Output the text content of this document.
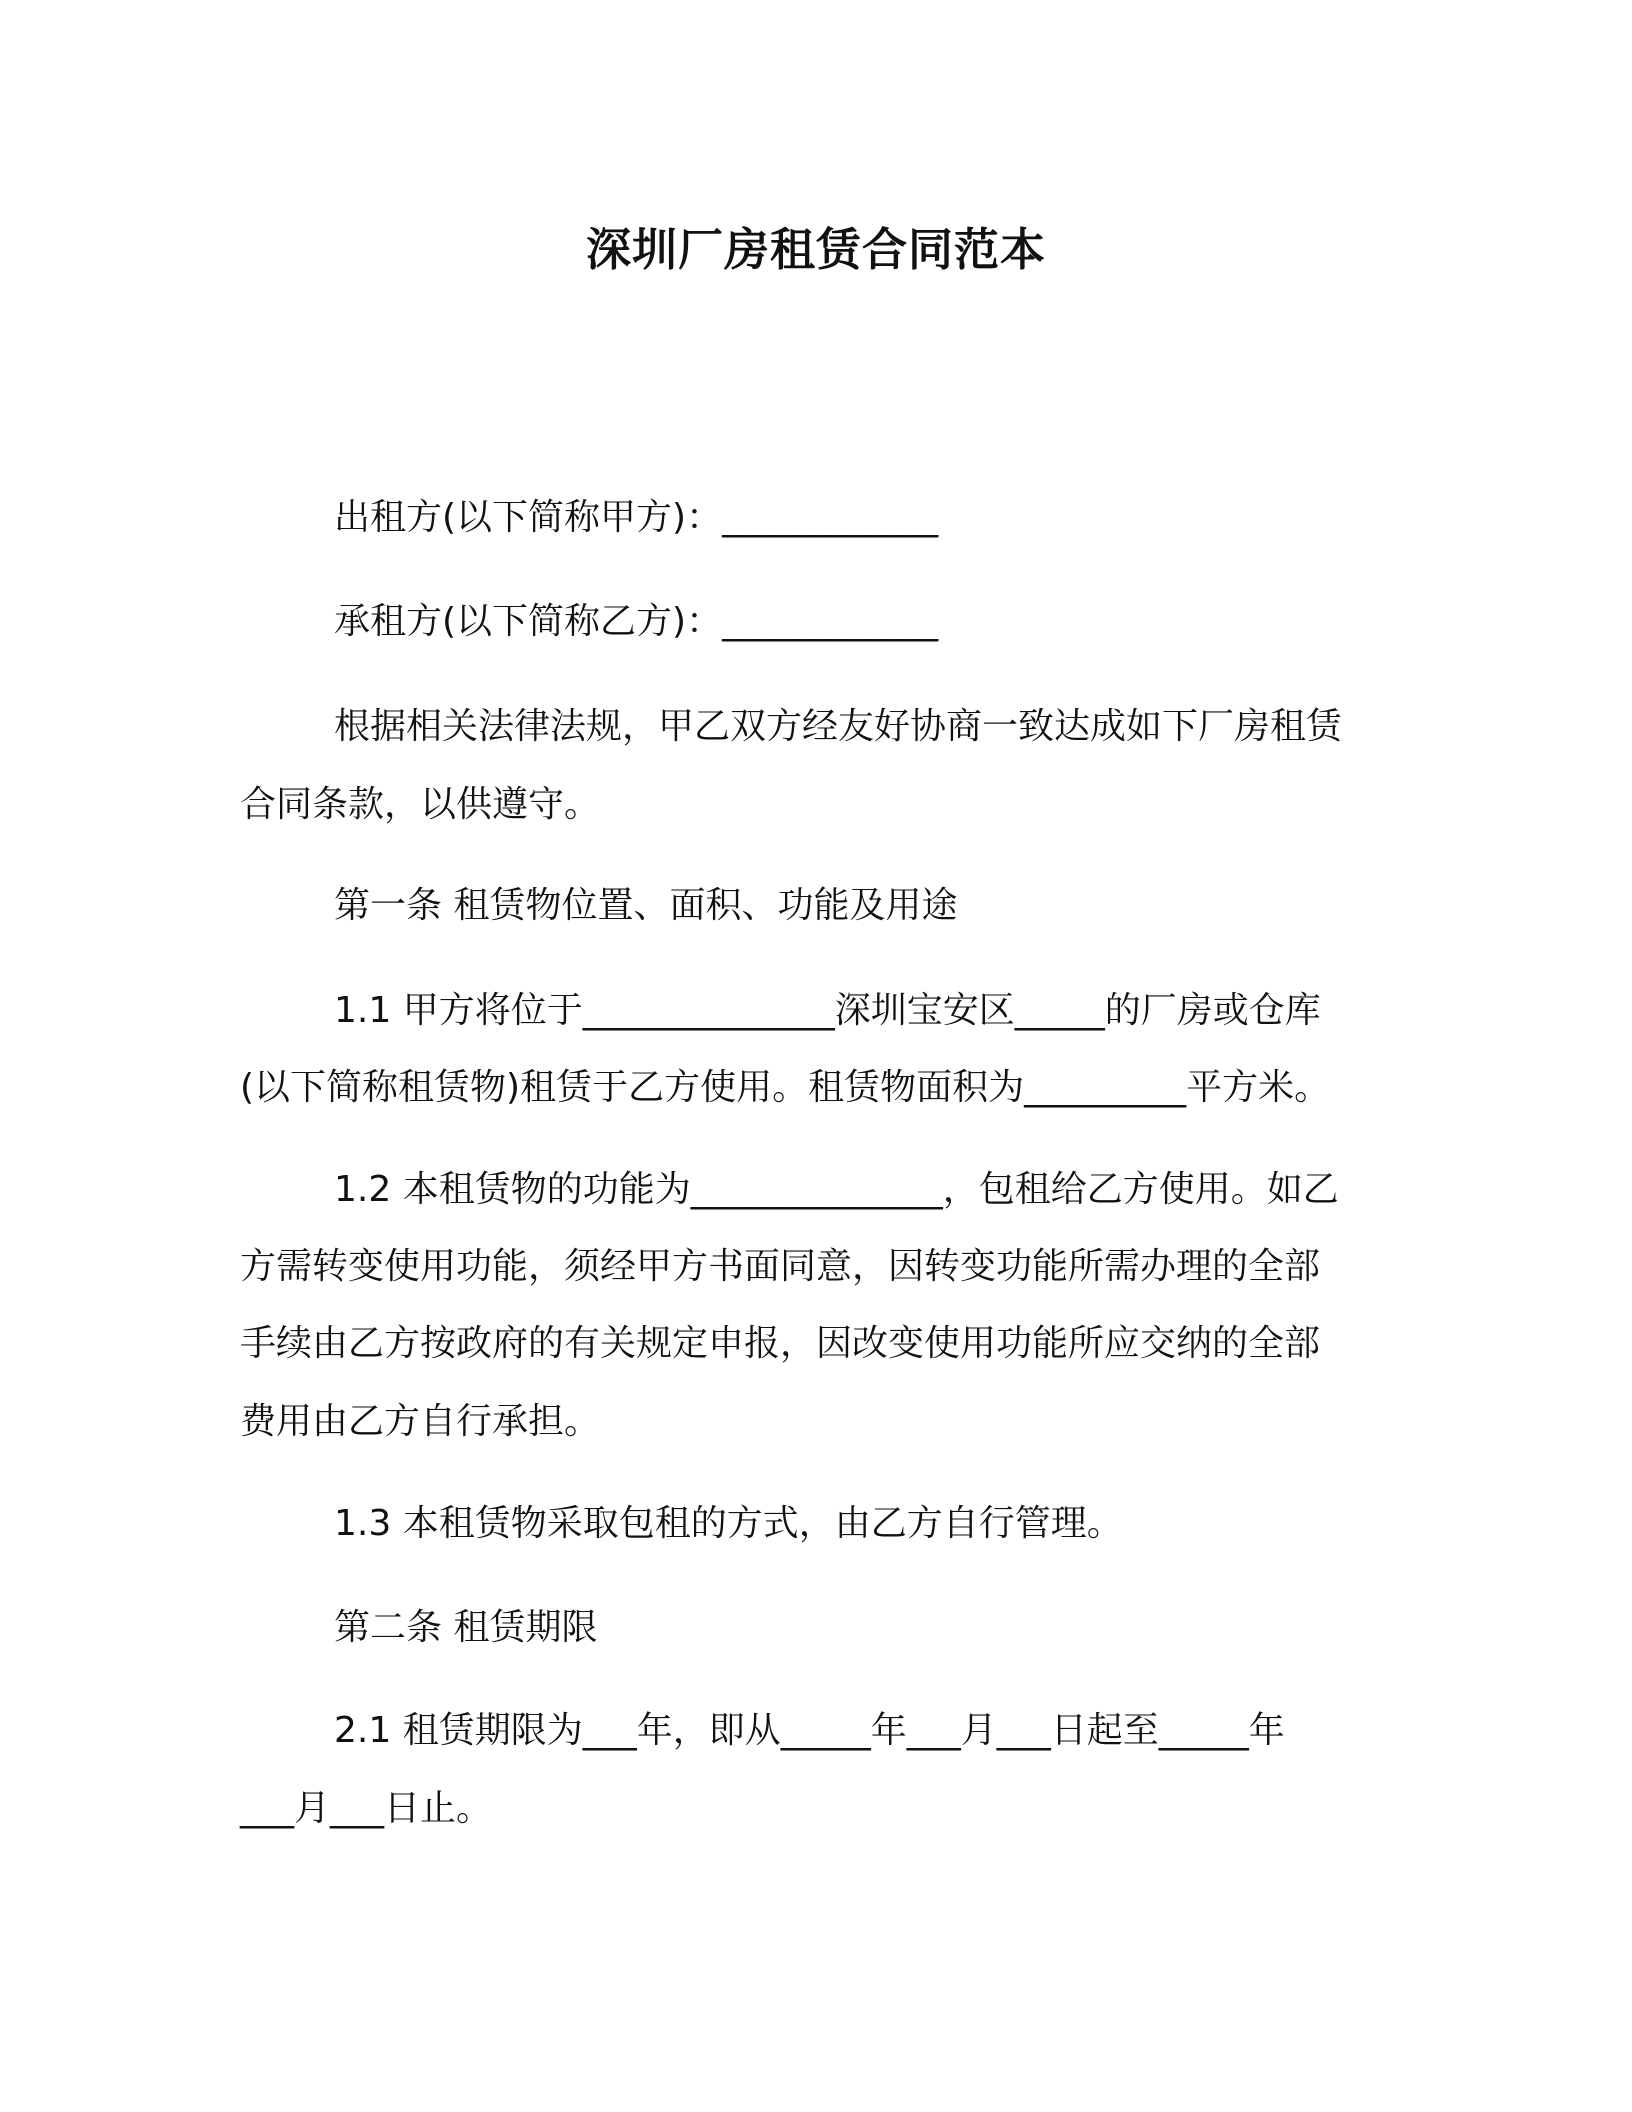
深圳厂房租赁合同范本
出租方(以下简称甲方)：____________
承租方(以下简称乙方)：____________
根据相关法律法规，甲乙双方经友好协商一致达成如下厂房租赁
合同条款，以供遵守。
第一条 租赁物位置、面积、功能及用途
1.1 甲方将位于______________深圳宝安区_____的厂房或仓库
(以下简称租赁物)租赁于乙方使用。租赁物面积为_________平方米。
1.2 本租赁物的功能为______________，包租给乙方使用。如乙
方需转变使用功能，须经甲方书面同意，因转变功能所需办理的全部
手续由乙方按政府的有关规定申报，因改变使用功能所应交纳的全部
费用由乙方自行承担。
1.3 本租赁物采取包租的方式，由乙方自行管理。
第二条 租赁期限
2.1 租赁期限为___年，即从_____年___月___日起至_____年
___月___日止。
